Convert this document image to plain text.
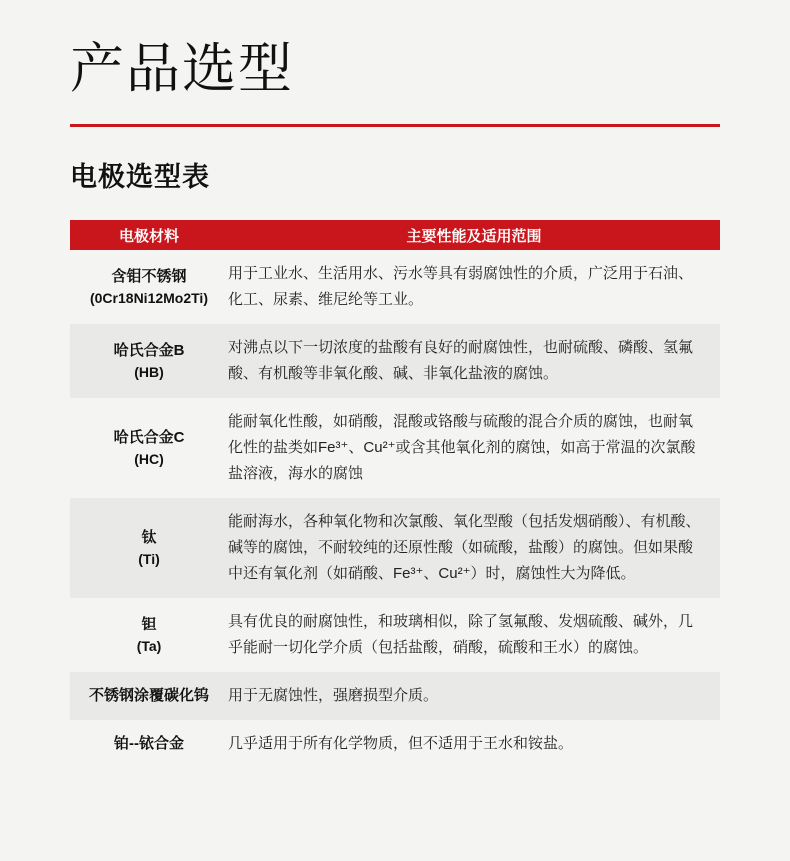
产品选型
电极选型表
电极材料	主要性能及适用范围
含钼不锈钢
(0Cr18Ni12Mo2Ti)
用于工业水、生活用水、污水等具有弱腐蚀性的介质，广泛用于石油、化工、尿素、维尼纶等工业。
哈氏合金B
(HB)
对沸点以下一切浓度的盐酸有良好的耐腐蚀性，也耐硫酸、磷酸、氢氟酸、有机酸等非氧化酸、碱、非氧化盐液的腐蚀。
哈氏合金C
(HC)
能耐氧化性酸，如硝酸，混酸或铬酸与硫酸的混合介质的腐蚀，也耐氧化性的盐类如Fe³⁺、Cu²⁺或含其他氧化剂的腐蚀，如高于常温的次氯酸盐溶液，海水的腐蚀
钛
(Ti)
能耐海水，各种氧化物和次氯酸、氧化型酸（包括发烟硝酸）、有机酸、碱等的腐蚀，不耐较纯的还原性酸（如硫酸，盐酸）的腐蚀。但如果酸中还有氧化剂（如硝酸、Fe³⁺、Cu²⁺）时，腐蚀性大为降低。
钽
(Ta)
具有优良的耐腐蚀性，和玻璃相似，除了氢氟酸、发烟硫酸、碱外，几乎能耐一切化学介质（包括盐酸，硝酸，硫酸和王水）的腐蚀。
不锈钢涂覆碳化钨 用于无腐蚀性，强磨损型介质。
铂--铱合金	几乎适用于所有化学物质，但不适用于王水和铵盐。
